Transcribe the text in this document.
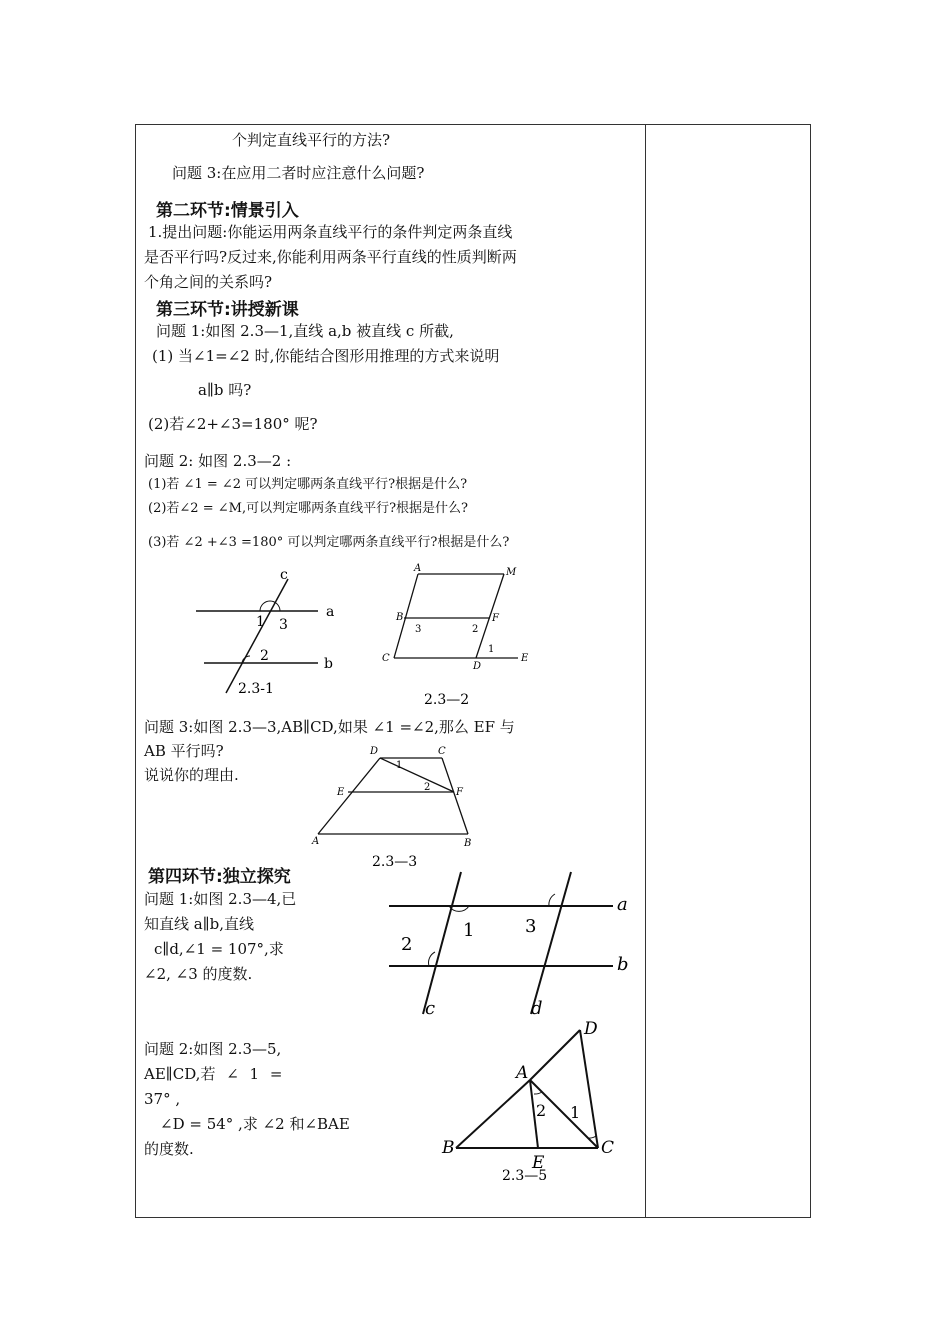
个判定直线平行的方法?
问题 3:在应用二者时应注意什么问题?
第二环节:情景引入
1.提出问题:你能运用两条直线平行的条件判定两条直线
是否平行吗?反过来,你能利用两条平行直线的性质判断两
个角之间的关系吗?
第三环节:讲授新课
问题 1:如图 2.3—1,直线 a,b 被直线 c 所截,
(1) 当∠1=∠2 时,你能结合图形用推理的方式来说明
a∥b 吗?
(2)若∠2+∠3=180° 呢?
问题 2: 如图 2.3—2 :
(1)若 ∠1 = ∠2 可以判定哪两条直线平行?根据是什么?
(2)若∠2 = ∠M,可以判定哪两条直线平行?根据是什么?
(3)若 ∠2 +∠3 =180° 可以判定哪两条直线平行?根据是什么?
c
a
b
1 3
2
2.3-1
A	M
B	F
C
D
E
3	2
1
2.3—2
问题 3:如图 2.3—3,AB∥CD,如果 ∠1 =∠2,那么 EF 与
AB 平行吗?
说说你的理由.
D	C
E	F
A	B
1
2
2.3—3
第四环节:独立探究
问题 1:如图 2.3—4,已
知直线 a∥b,直线
c∥d,∠1 = 107°,求
∠2, ∠3 的度数.
1
2
3
a
b
c	d
问题 2:如图 2.3—5,
AE∥CD,若 ∠ 1 =
37° ,
∠D = 54° ,求 ∠2 和∠BAE
的度数.
A
B	C
D
E
2 1
2.3—5
